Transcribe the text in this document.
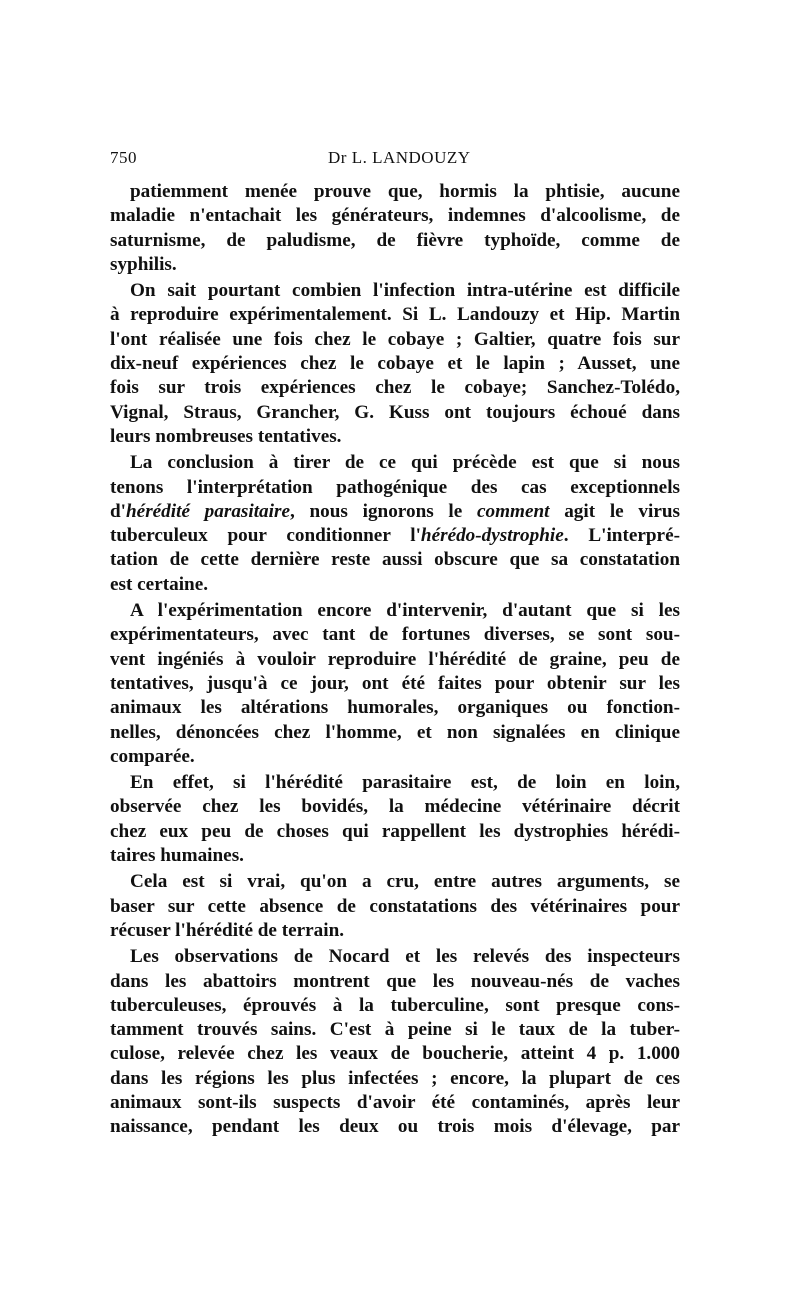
750	Dr L. LANDOUZY
patiemment menée prouve que, hormis la phtisie, aucune
maladie n'entachait les générateurs, indemnes d'alcoolisme, de
saturnisme, de paludisme, de fièvre typhoïde, comme de
syphilis.
On sait pourtant combien l'infection intra-utérine est difficile
à reproduire expérimentalement. Si L. Landouzy et Hip. Martin
l'ont réalisée une fois chez le cobaye ; Galtier, quatre fois sur
dix-neuf expériences chez le cobaye et le lapin ; Ausset, une
fois sur trois expériences chez le cobaye; Sanchez-Tolédo,
Vignal, Straus, Grancher, G. Kuss ont toujours échoué dans
leurs nombreuses tentatives.
La conclusion à tirer de ce qui précède est que si nous
tenons l'interprétation pathogénique des cas exceptionnels
d'hérédité parasitaire, nous ignorons le comment agit le virus
tuberculeux pour conditionner l'hérédo-dystrophie. L'interpré-
tation de cette dernière reste aussi obscure que sa constatation
est certaine.
A l'expérimentation encore d'intervenir, d'autant que si les
expérimentateurs, avec tant de fortunes diverses, se sont sou-
vent ingéniés à vouloir reproduire l'hérédité de graine, peu de
tentatives, jusqu'à ce jour, ont été faites pour obtenir sur les
animaux les altérations humorales, organiques ou fonction-
nelles, dénoncées chez l'homme, et non signalées en clinique
comparée.
En effet, si l'hérédité parasitaire est, de loin en loin,
observée chez les bovidés, la médecine vétérinaire décrit
chez eux peu de choses qui rappellent les dystrophies hérédi-
taires humaines.
Cela est si vrai, qu'on a cru, entre autres arguments, se
baser sur cette absence de constatations des vétérinaires pour
récuser l'hérédité de terrain.
Les observations de Nocard et les relevés des inspecteurs
dans les abattoirs montrent que les nouveau-nés de vaches
tuberculeuses, éprouvés à la tuberculine, sont presque cons-
tamment trouvés sains. C'est à peine si le taux de la tuber-
culose, relevée chez les veaux de boucherie, atteint 4 p. 1.000
dans les régions les plus infectées ; encore, la plupart de ces
animaux sont-ils suspects d'avoir été contaminés, après leur
naissance, pendant les deux ou trois mois d'élevage, par
